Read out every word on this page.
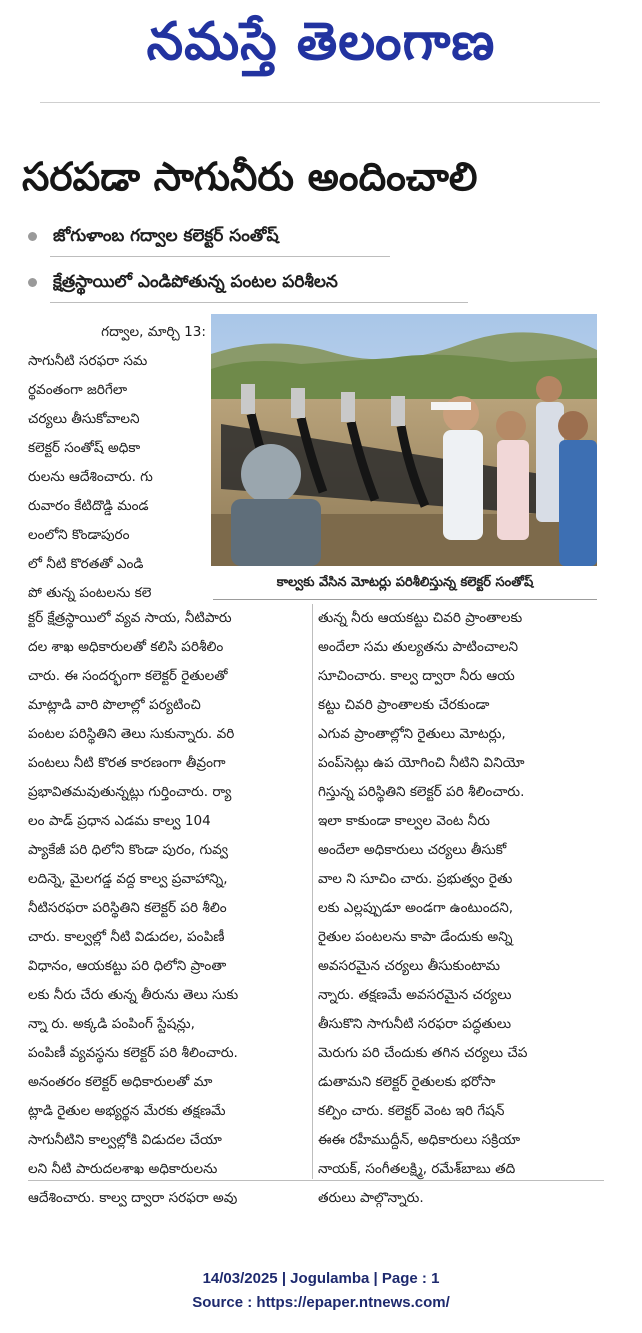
నమస్తే తెలంగాణ
సరపడా సాగునీరు అందించాలి
జోగుళాంబ గద్వాల కలెక్టర్ సంతోష్
క్షేత్రస్థాయిలో ఎండిపోతున్న పంటల పరిశీలన
కాల్వకు వేసిన మోటర్లు పరిశీలిస్తున్న కలెక్టర్ సంతోష్
గద్వాల, మార్చి 13:
సాగునీటి సరఫరా సమ
ర్థవంతంగా జరిగేలా
చర్యలు తీసుకోవాలని
కలెక్టర్ సంతోష్ అధికా
రులను ఆదేశించారు. గు
రువారం కేటిదొడ్డి మండ
లంలోని కొండాపురం
లో నీటి కొరతతో ఎండి
పో తున్న పంటలను కలె
క్టర్ క్షేత్రస్థాయిలో వ్యవ సాయ, నీటిపారు
దల శాఖ అధికారులతో కలిసి పరిశీలిం
చారు. ఈ సందర్భంగా కలెక్టర్ రైతులతో
మాట్లాడి వారి పొలాల్లో పర్యటించి
పంటల పరిస్థితిని తెలు సుకున్నారు. వరి
పంటలు నీటి కొరత కారణంగా తీవ్రంగా
ప్రభావితమవుతున్నట్లు గుర్తించారు. ర్యా
లం పాడ్ ప్రధాన ఎడమ కాల్వ 104
ప్యాకేజీ పరి ధిలోని కొండా పురం, గువ్వ
లదిన్నె, మైలగడ్డ వద్ద కాల్వ ప్రవాహాన్ని,
నీటిసరఫరా పరిస్థితిని కలెక్టర్ పరి శీలిం
చారు. కాల్వల్లో నీటి విడుదల, పంపిణీ
విధానం, ఆయకట్టు పరి ధిలోని ప్రాంతా
లకు నీరు చేరు తున్న తీరును తెలు సుకు
న్నా రు. అక్కడి పంపింగ్ స్టేషన్లు,
పంపిణీ వ్యవస్థను కలెక్టర్ పరి శీలించారు.
అనంతరం కలెక్టర్ అధికారులతో మా
ట్లాడి రైతుల అభ్యర్థన మేరకు తక్షణమే
సాగునీటిని కాల్వల్లోకి విడుదల చేయా
లని నీటి పారుదలశాఖ అధికారులను
ఆదేశించారు. కాల్వ ద్వారా సరఫరా అవు
తున్న నీరు ఆయకట్టు చివరి ప్రాంతాలకు
అందేలా సమ తుల్యతను పాటించాలని
సూచించారు. కాల్వ ద్వారా నీరు ఆయ
కట్టు చివరి ప్రాంతాలకు చేరకుండా
ఎగువ ప్రాంతాల్లోని రైతులు మోటర్లు,
పంప్‌సెట్లు ఉప యోగించి నీటిని వినియో
గిస్తున్న పరిస్థితిని కలెక్టర్ పరి శీలించారు.
ఇలా కాకుండా కాల్వల వెంట నీరు
అందేలా అధికారులు చర్యలు తీసుకో
వాల ని సూచిం చారు. ప్రభుత్వం రైతు
లకు ఎల్లప్పుడూ అండగా ఉంటుందని,
రైతుల పంటలను కాపా డేందుకు అన్ని
అవసరమైన చర్యలు తీసుకుంటామ
న్నారు. తక్షణమే అవసరమైన చర్యలు
తీసుకొని సాగునీటి సరఫరా పద్ధతులు
మెరుగు పరి చేందుకు తగిన చర్యలు చేప
డుతామని కలెక్టర్ రైతులకు భరోసా
కల్పిం చారు. కలెక్టర్ వెంట ఇరి గేషన్
ఈఈ రహీముద్దీన్, అధికారులు సక్రియా
నాయక్, సంగీతలక్ష్మి, రమేశ్‌బాబు తది
తరులు పాల్గొన్నారు.
14/03/2025 | Jogulamba | Page : 1
Source : https://epaper.ntnews.com/
